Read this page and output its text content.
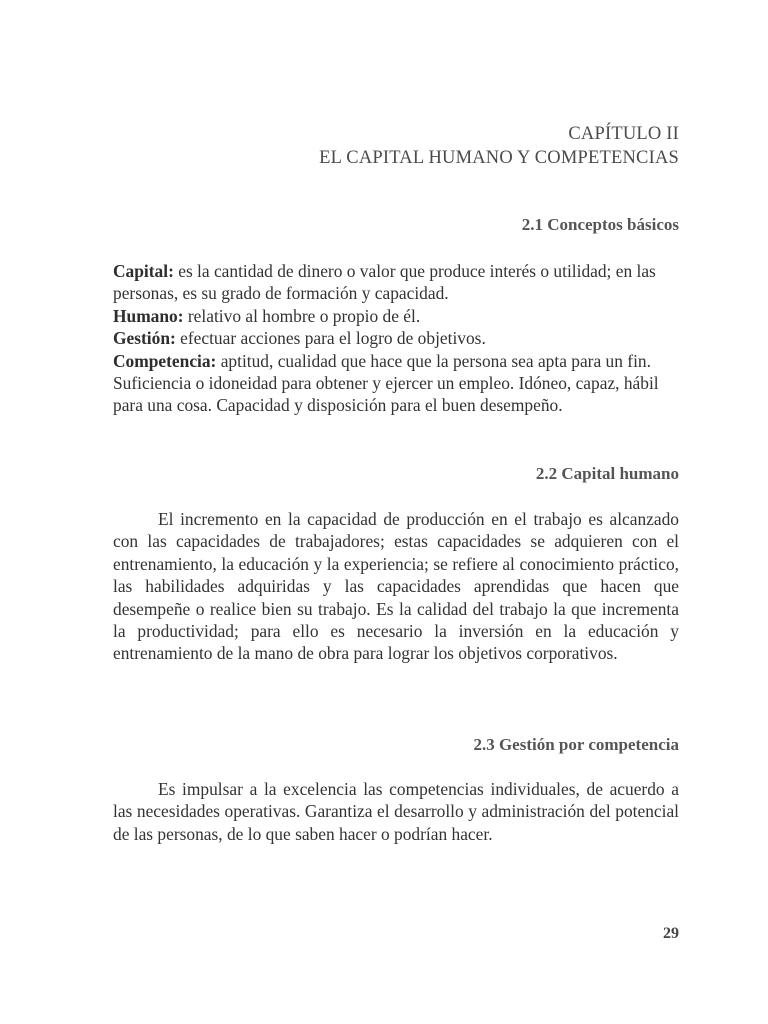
CAPÍTULO II
EL CAPITAL HUMANO Y COMPETENCIAS
2.1 Conceptos básicos

Capital: es la cantidad de dinero o valor que produce interés o utilidad; en las personas, es su grado de formación y capacidad.

Humano: relativo al hombre o propio de él.

Gestión: efectuar acciones para el logro de objetivos.

Competencia: aptitud, cualidad que hace que la persona sea apta para un fin. Suficiencia o idoneidad para obtener y ejercer un empleo. Idóneo, capaz, hábil para una cosa. Capacidad y disposición para el buen desempeño.

2.2 Capital humano

El incremento en la capacidad de producción en el trabajo es alcanzado con las capacidades de trabajadores; estas capacidades se adquieren con el entrenamiento, la educación y la experiencia; se refiere al conocimiento práctico, las habilidades adquiridas y las capacidades aprendidas que hacen que desempeñe o realice bien su trabajo. Es la calidad del trabajo la que incrementa la productividad; para ello es necesario la inversión en la educación y entrenamiento de la mano de obra para lograr los objetivos corporativos.

2.3 Gestión por competencia

Es impulsar a la excelencia las competencias individuales, de acuerdo a las necesidades operativas. Garantiza el desarrollo y administración del potencial de las personas, de lo que saben hacer o podrían hacer.

29
